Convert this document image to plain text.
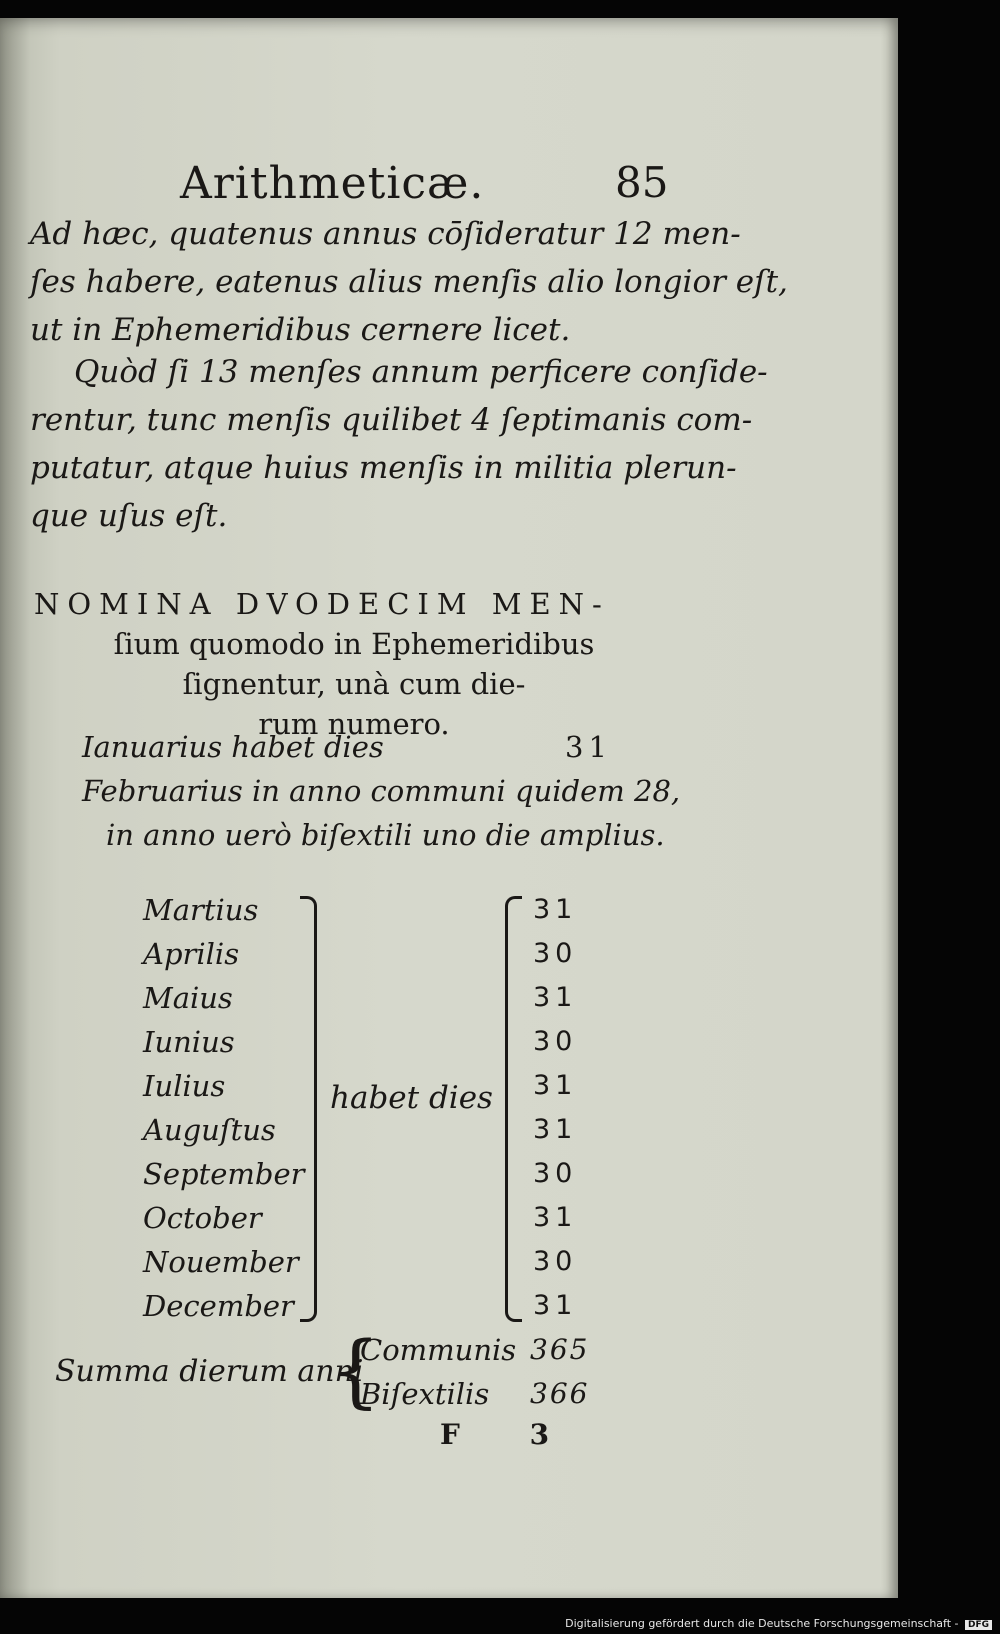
Arithmeticæ.	85
Ad hæc, quatenus annus cōſideratur 12 men-
ſes habere, eatenus alius menſis alio longior eſt,
ut in Ephemeridibus cernere licet.
Quòd ſi 13 menſes annum perficere conſide-
rentur, tunc menſis quilibet 4 ſeptimanis com-
putatur, atque huius menſis in militia plerun-
que uſus eſt.
NOMINA DVODECIM MEN-
ſium quomodo in Ephemeridibus
ſignentur, unà cum die-
rum numero.
Ianuarius habet dies	31
Februarius in anno communi quidem 28,
in anno uerò biſextili uno die amplius.
Martius
Aprilis
Maius
Iunius
Iulius
Auguſtus
September
October
Nouember
December
habet dies
31
30
31
30
31
31
30
31
30
31
Summa dierum anni
{
Communis
Biſextilis
365
366
F 3
Digitalisierung gefördert durch die Deutsche Forschungsgemeinschaft - DFG
